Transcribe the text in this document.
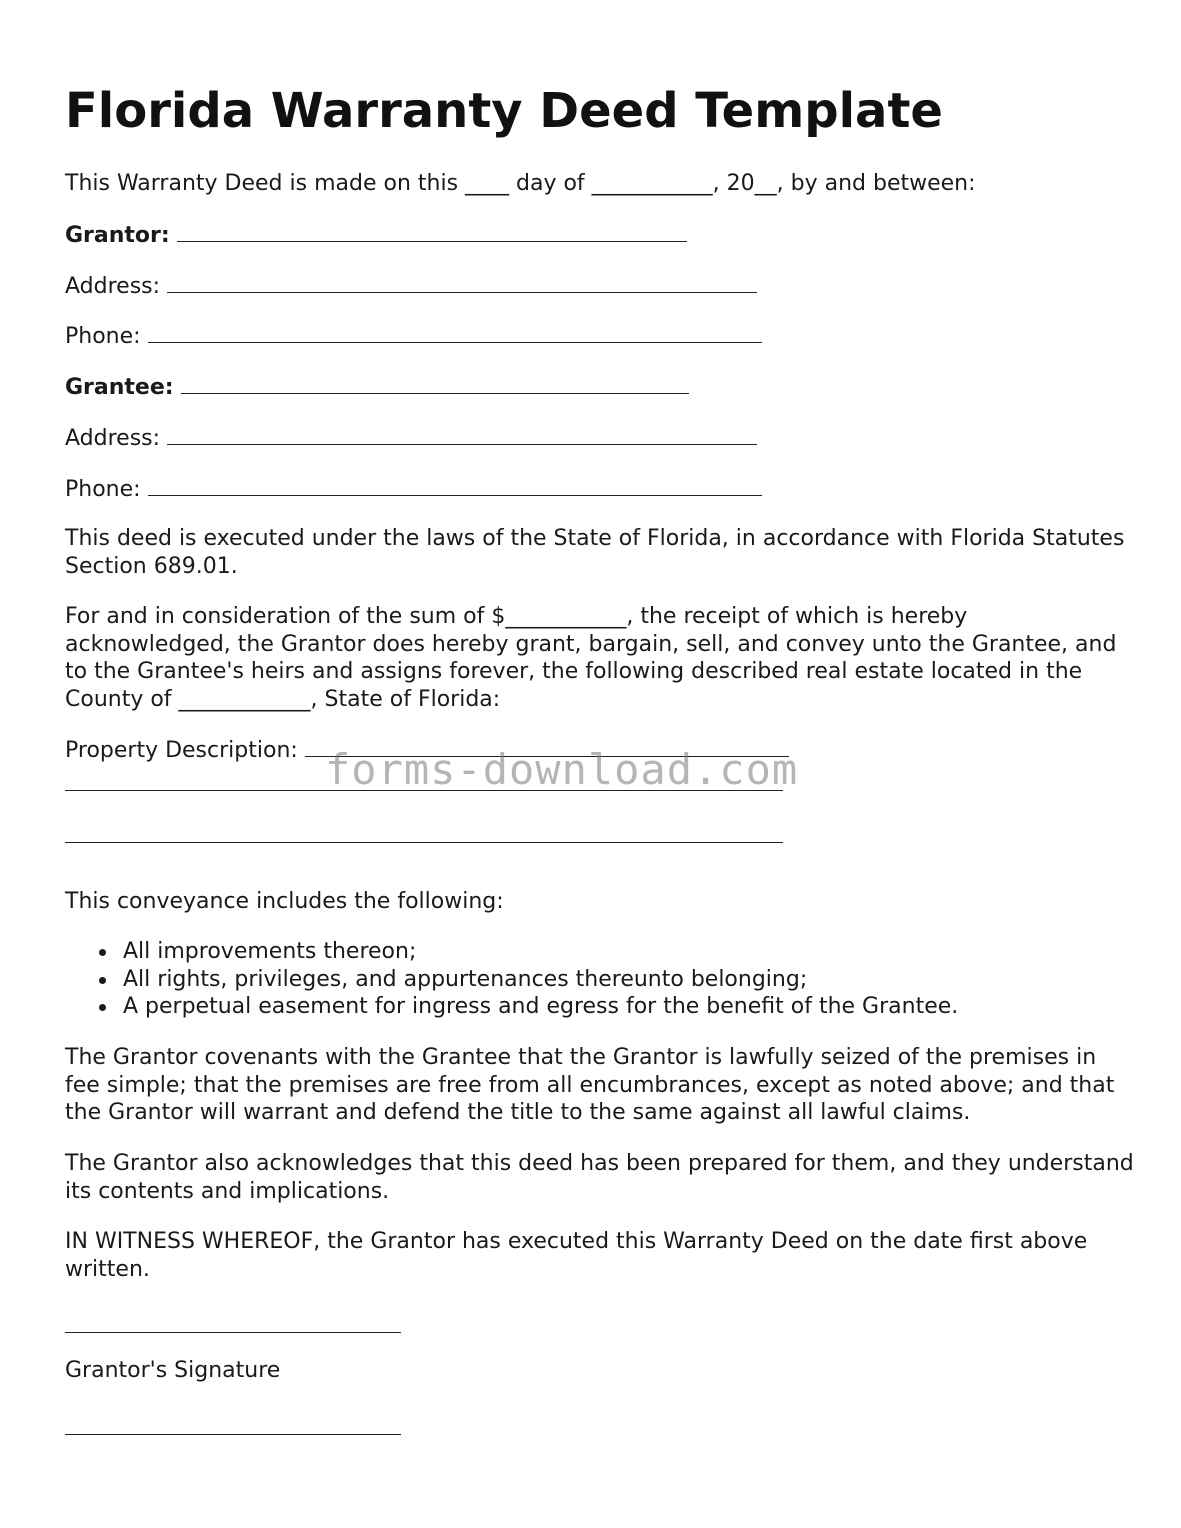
Florida Warranty Deed Template
This Warranty Deed is made on this ____ day of ___________, 20__, by and between:
Grantor:
Address:
Phone:
Grantee:
Address:
Phone:

This deed is executed under the laws of the State of Florida, in accordance with Florida Statutes Section 689.01.

For and in consideration of the sum of $___________, the receipt of which is hereby acknowledged, the Grantor does hereby grant, bargain, sell, and convey unto the Grantee, and to the Grantee's heirs and assigns forever, the following described real estate located in the County of ____________, State of Florida:

Property Description:
This conveyance includes the following:
All improvements thereon;
All rights, privileges, and appurtenances thereunto belonging;
A perpetual easement for ingress and egress for the benefit of the Grantee.

The Grantor covenants with the Grantee that the Grantor is lawfully seized of the premises in fee simple; that the premises are free from all encumbrances, except as noted above; and that the Grantor will warrant and defend the title to the same against all lawful claims.

The Grantor also acknowledges that this deed has been prepared for them, and they understand its contents and implications.

IN WITNESS WHEREOF, the Grantor has executed this Warranty Deed on the date first above written.

Grantor's Signature
forms-download.com
